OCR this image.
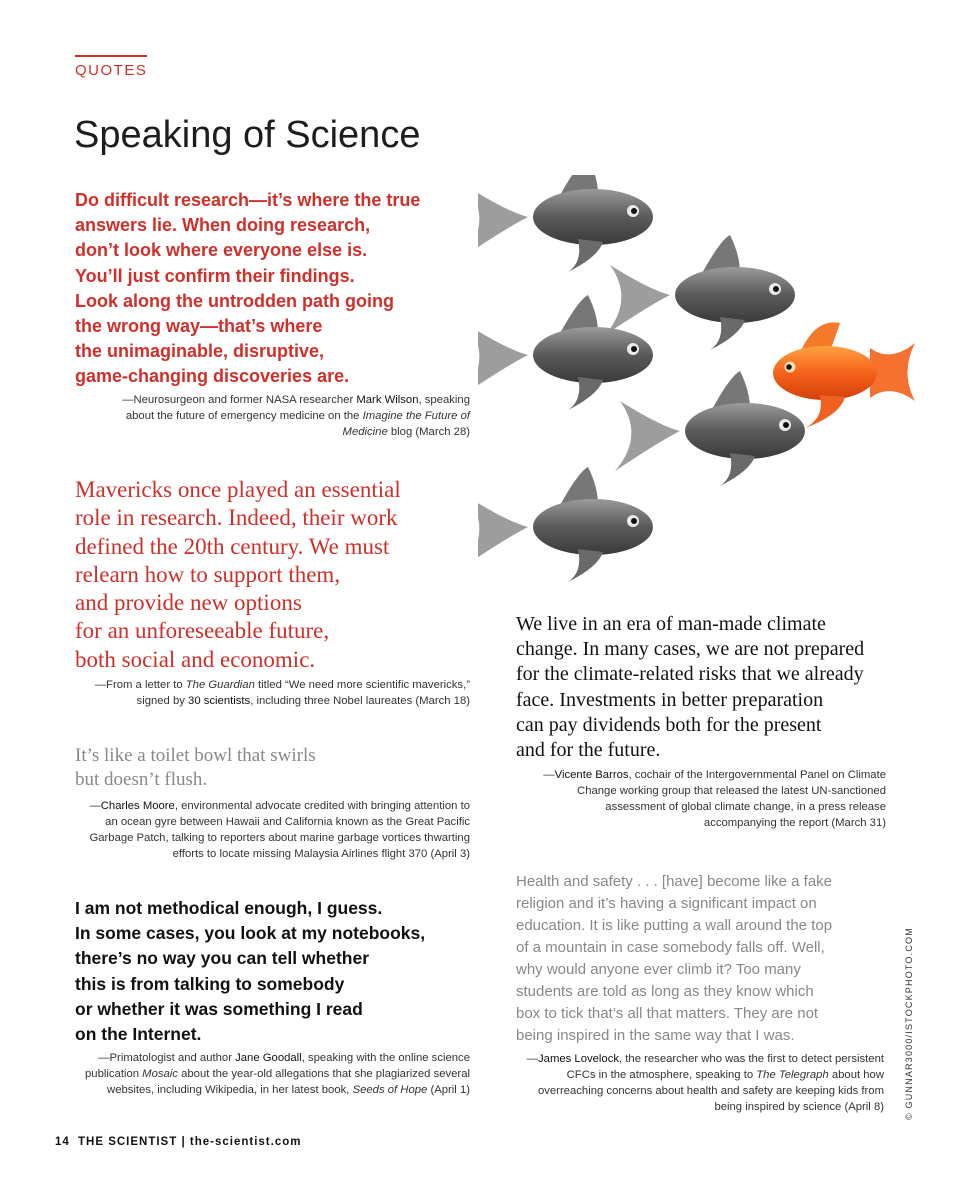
QUOTES
Speaking of Science
Do difficult research—it’s where the true
answers lie. When doing research,
don’t look where everyone else is.
You’ll just confirm their findings.
Look along the untrodden path going
the wrong way—that’s where
the unimaginable, disruptive,
game-changing discoveries are.
—Neurosurgeon and former NASA researcher Mark Wilson, speaking about the future of emergency medicine on the Imagine the Future of Medicine blog (March 28)
Mavericks once played an essential
role in research. Indeed, their work
defined the 20th century. We must
relearn how to support them,
and provide new options
for an unforeseeable future,
both social and economic.
—From a letter to The Guardian titled “We need more scientific mavericks,” signed by 30 scientists, including three Nobel laureates (March 18)
It’s like a toilet bowl that swirls
but doesn’t flush.
—Charles Moore, environmental advocate credited with bringing attention to an ocean gyre between Hawaii and California known as the Great Pacific Garbage Patch, talking to reporters about marine garbage vortices thwarting efforts to locate missing Malaysia Airlines flight 370 (April 3)
I am not methodical enough, I guess.
In some cases, you look at my notebooks,
there’s no way you can tell whether
this is from talking to somebody
or whether it was something I read
on the Internet.
—Primatologist and author Jane Goodall, speaking with the online science publication Mosaic about the year-old allegations that she plagiarized several websites, including Wikipedia, in her latest book, Seeds of Hope (April 1)
We live in an era of man-made climate
change. In many cases, we are not prepared
for the climate-related risks that we already
face. Investments in better preparation
can pay dividends both for the present
and for the future.
—Vicente Barros, cochair of the Intergovernmental Panel on Climate Change working group that released the latest UN-sanctioned assessment of global climate change, in a press release accompanying the report (March 31)
Health and safety . . . [have] become like a fake
religion and it’s having a significant impact on
education. It is like putting a wall around the top
of a mountain in case somebody falls off. Well,
why would anyone ever climb it? Too many
students are told as long as they know which
box to tick that’s all that matters. They are not
being inspired in the same way that I was.
—James Lovelock, the researcher who was the first to detect persistent CFCs in the atmosphere, speaking to The Telegraph about how overreaching concerns about health and safety are keeping kids from being inspired by science (April 8) © GUNNAR3000/ISTOCKPHOTO.COM
14 THE SCIENTIST | the-scientist.com
